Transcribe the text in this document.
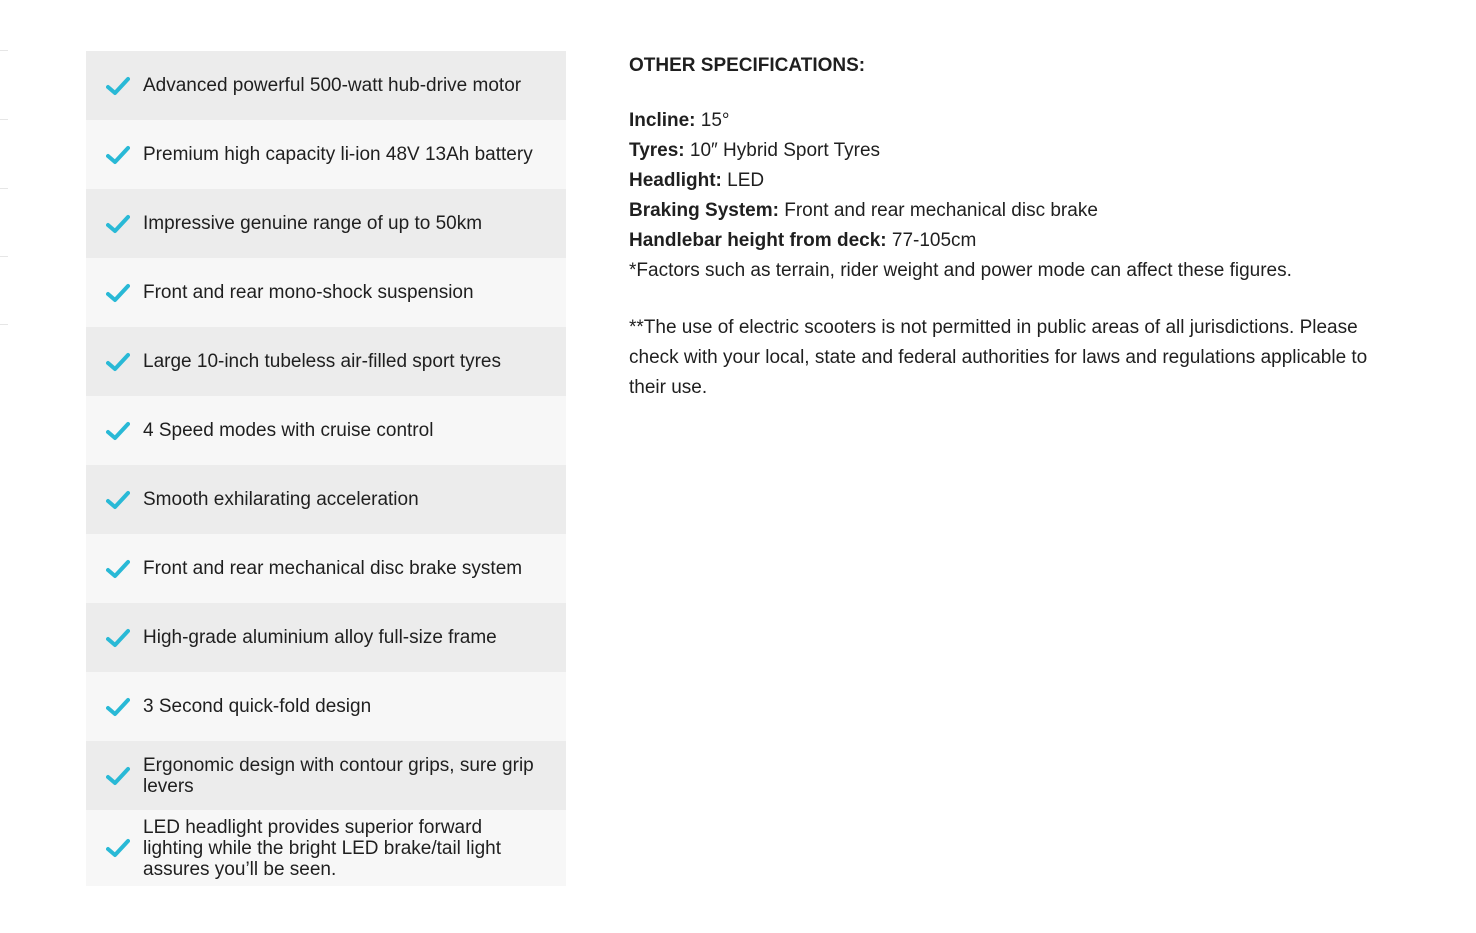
Advanced powerful 500-watt hub-drive motor
Premium high capacity li-ion 48V 13Ah battery
Impressive genuine range of up to 50km
Front and rear mono-shock suspension
Large 10-inch tubeless air-filled sport tyres
4 Speed modes with cruise control
Smooth exhilarating acceleration
Front and rear mechanical disc brake system
High-grade aluminium alloy full-size frame
3 Second quick-fold design
Ergonomic design with contour grips, sure grip levers
LED headlight provides superior forward lighting while the bright LED brake/tail light assures you’ll be seen.
OTHER SPECIFICATIONS:

Incline: 15°

Tyres: 10″ Hybrid Sport Tyres

Headlight: LED

Braking System: Front and rear mechanical disc brake

Handlebar height from deck: 77-105cm

*Factors such as terrain, rider weight and power mode can affect these figures.

**The use of electric scooters is not permitted in public areas of all jurisdictions. Please check with your local, state and federal authorities for laws and regulations applicable to their use.
